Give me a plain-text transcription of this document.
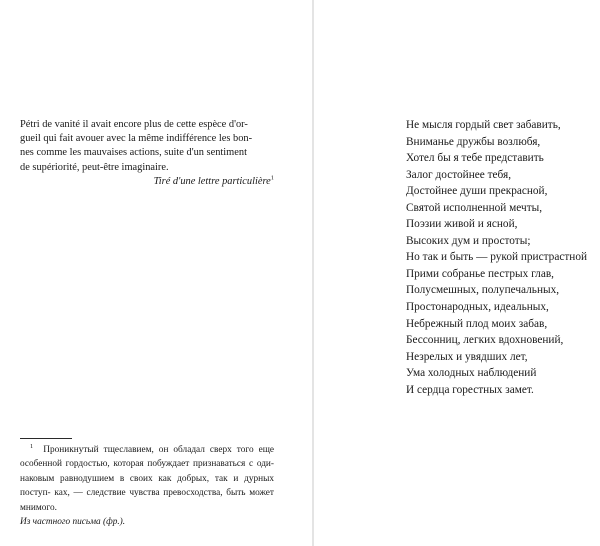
Pétri de vanité il avait encore plus de cette espèce d'or-
gueil qui fait avouer avec la même indifférence les bon-
nes comme les mauvaises actions, suite d'un sentiment
de supériorité, peut-être imaginaire.

Tiré d'une lettre particulière$^1$

$^1$ Проникнутый тщеславием, он обладал сверх того еще особенной гордостью, которая побуждает признаваться с оди- наковым равнодушием в своих как добрых, так и дурных поступ- ках, — следствие чувства превосходства, быть может мнимого.

Из частного письма (фр.).

Не мысля гордый свет забавить,
Вниманье дружбы возлюбя,
Хотел бы я тебе представить
Залог достойнее тебя,
Достойнее души прекрасной,
Святой исполненной мечты,
Поэзии живой и ясной,
Высоких дум и простоты;
Но так и быть — рукой пристрастной
Прими собранье пестрых глав,
Полусмешных, полупечальных,
Простонародных, идеальных,
Небрежный плод моих забав,
Бессонниц, легких вдохновений,
Незрелых и увядших лет,
Ума холодных наблюдений
И сердца горестных замет.
